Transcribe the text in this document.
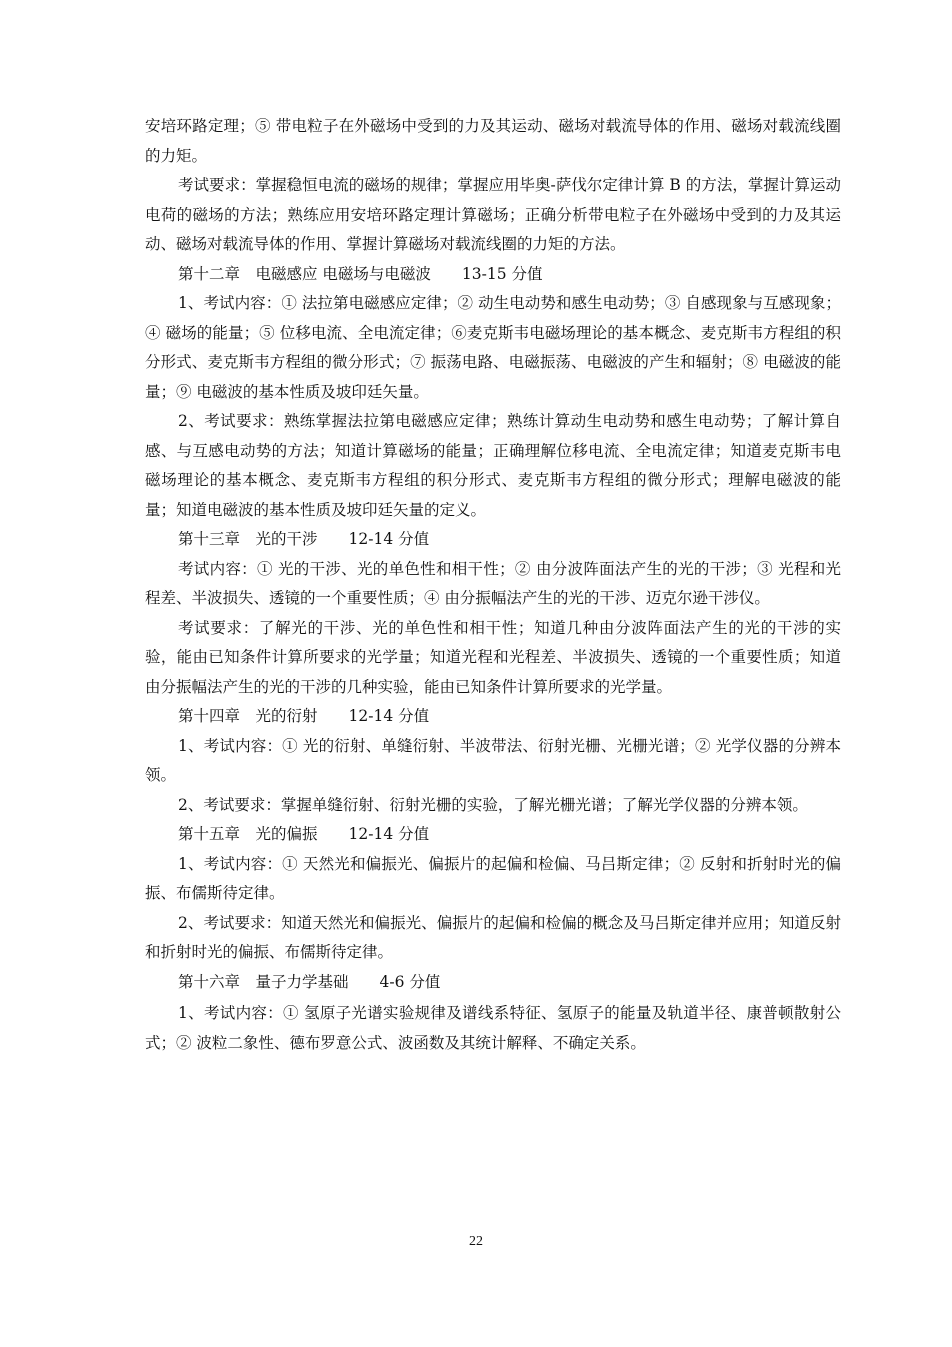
安培环路定理；⑤ 带电粒子在外磁场中受到的力及其运动、磁场对载流导体的作用、磁场对载流线圈的力矩。

考试要求：掌握稳恒电流的磁场的规律；掌握应用毕奥-萨伐尔定律计算 B 的方法，掌握计算运动电荷的磁场的方法；熟练应用安培环路定理计算磁场；正确分析带电粒子在外磁场中受到的力及其运动、磁场对载流导体的作用、掌握计算磁场对载流线圈的力矩的方法。

第十二章　电磁感应 电磁场与电磁波　　13-15 分值

1、考试内容：① 法拉第电磁感应定律；② 动生电动势和感生电动势；③ 自感现象与互感现象；④ 磁场的能量；⑤ 位移电流、全电流定律；⑥麦克斯韦电磁场理论的基本概念、麦克斯韦方程组的积分形式、麦克斯韦方程组的微分形式；⑦ 振荡电路、电磁振荡、电磁波的产生和辐射；⑧ 电磁波的能量；⑨ 电磁波的基本性质及坡印廷矢量。

2、考试要求：熟练掌握法拉第电磁感应定律；熟练计算动生电动势和感生电动势；了解计算自感、与互感电动势的方法；知道计算磁场的能量；正确理解位移电流、全电流定律；知道麦克斯韦电磁场理论的基本概念、麦克斯韦方程组的积分形式、麦克斯韦方程组的微分形式；理解电磁波的能量；知道电磁波的基本性质及坡印廷矢量的定义。

第十三章　光的干涉　　12-14 分值

考试内容：① 光的干涉、光的单色性和相干性；② 由分波阵面法产生的光的干涉；③ 光程和光程差、半波损失、透镜的一个重要性质；④ 由分振幅法产生的光的干涉、迈克尔逊干涉仪。

考试要求：了解光的干涉、光的单色性和相干性；知道几种由分波阵面法产生的光的干涉的实验，能由已知条件计算所要求的光学量；知道光程和光程差、半波损失、透镜的一个重要性质；知道由分振幅法产生的光的干涉的几种实验，能由已知条件计算所要求的光学量。

第十四章　光的衍射　　12-14 分值

1、考试内容：① 光的衍射、单缝衍射、半波带法、衍射光栅、光栅光谱；② 光学仪器的分辨本领。

2、考试要求：掌握单缝衍射、衍射光栅的实验，了解光栅光谱；了解光学仪器的分辨本领。

第十五章　光的偏振　　12-14 分值

1、考试内容：① 天然光和偏振光、偏振片的起偏和检偏、马吕斯定律；② 反射和折射时光的偏振、布儒斯待定律。

2、考试要求：知道天然光和偏振光、偏振片的起偏和检偏的概念及马吕斯定律并应用；知道反射和折射时光的偏振、布儒斯待定律。

第十六章　量子力学基础　　4-6 分值

1、考试内容：① 氢原子光谱实验规律及谱线系特征、氢原子的能量及轨道半径、康普顿散射公式；② 波粒二象性、德布罗意公式、波函数及其统计解释、不确定关系。

22
